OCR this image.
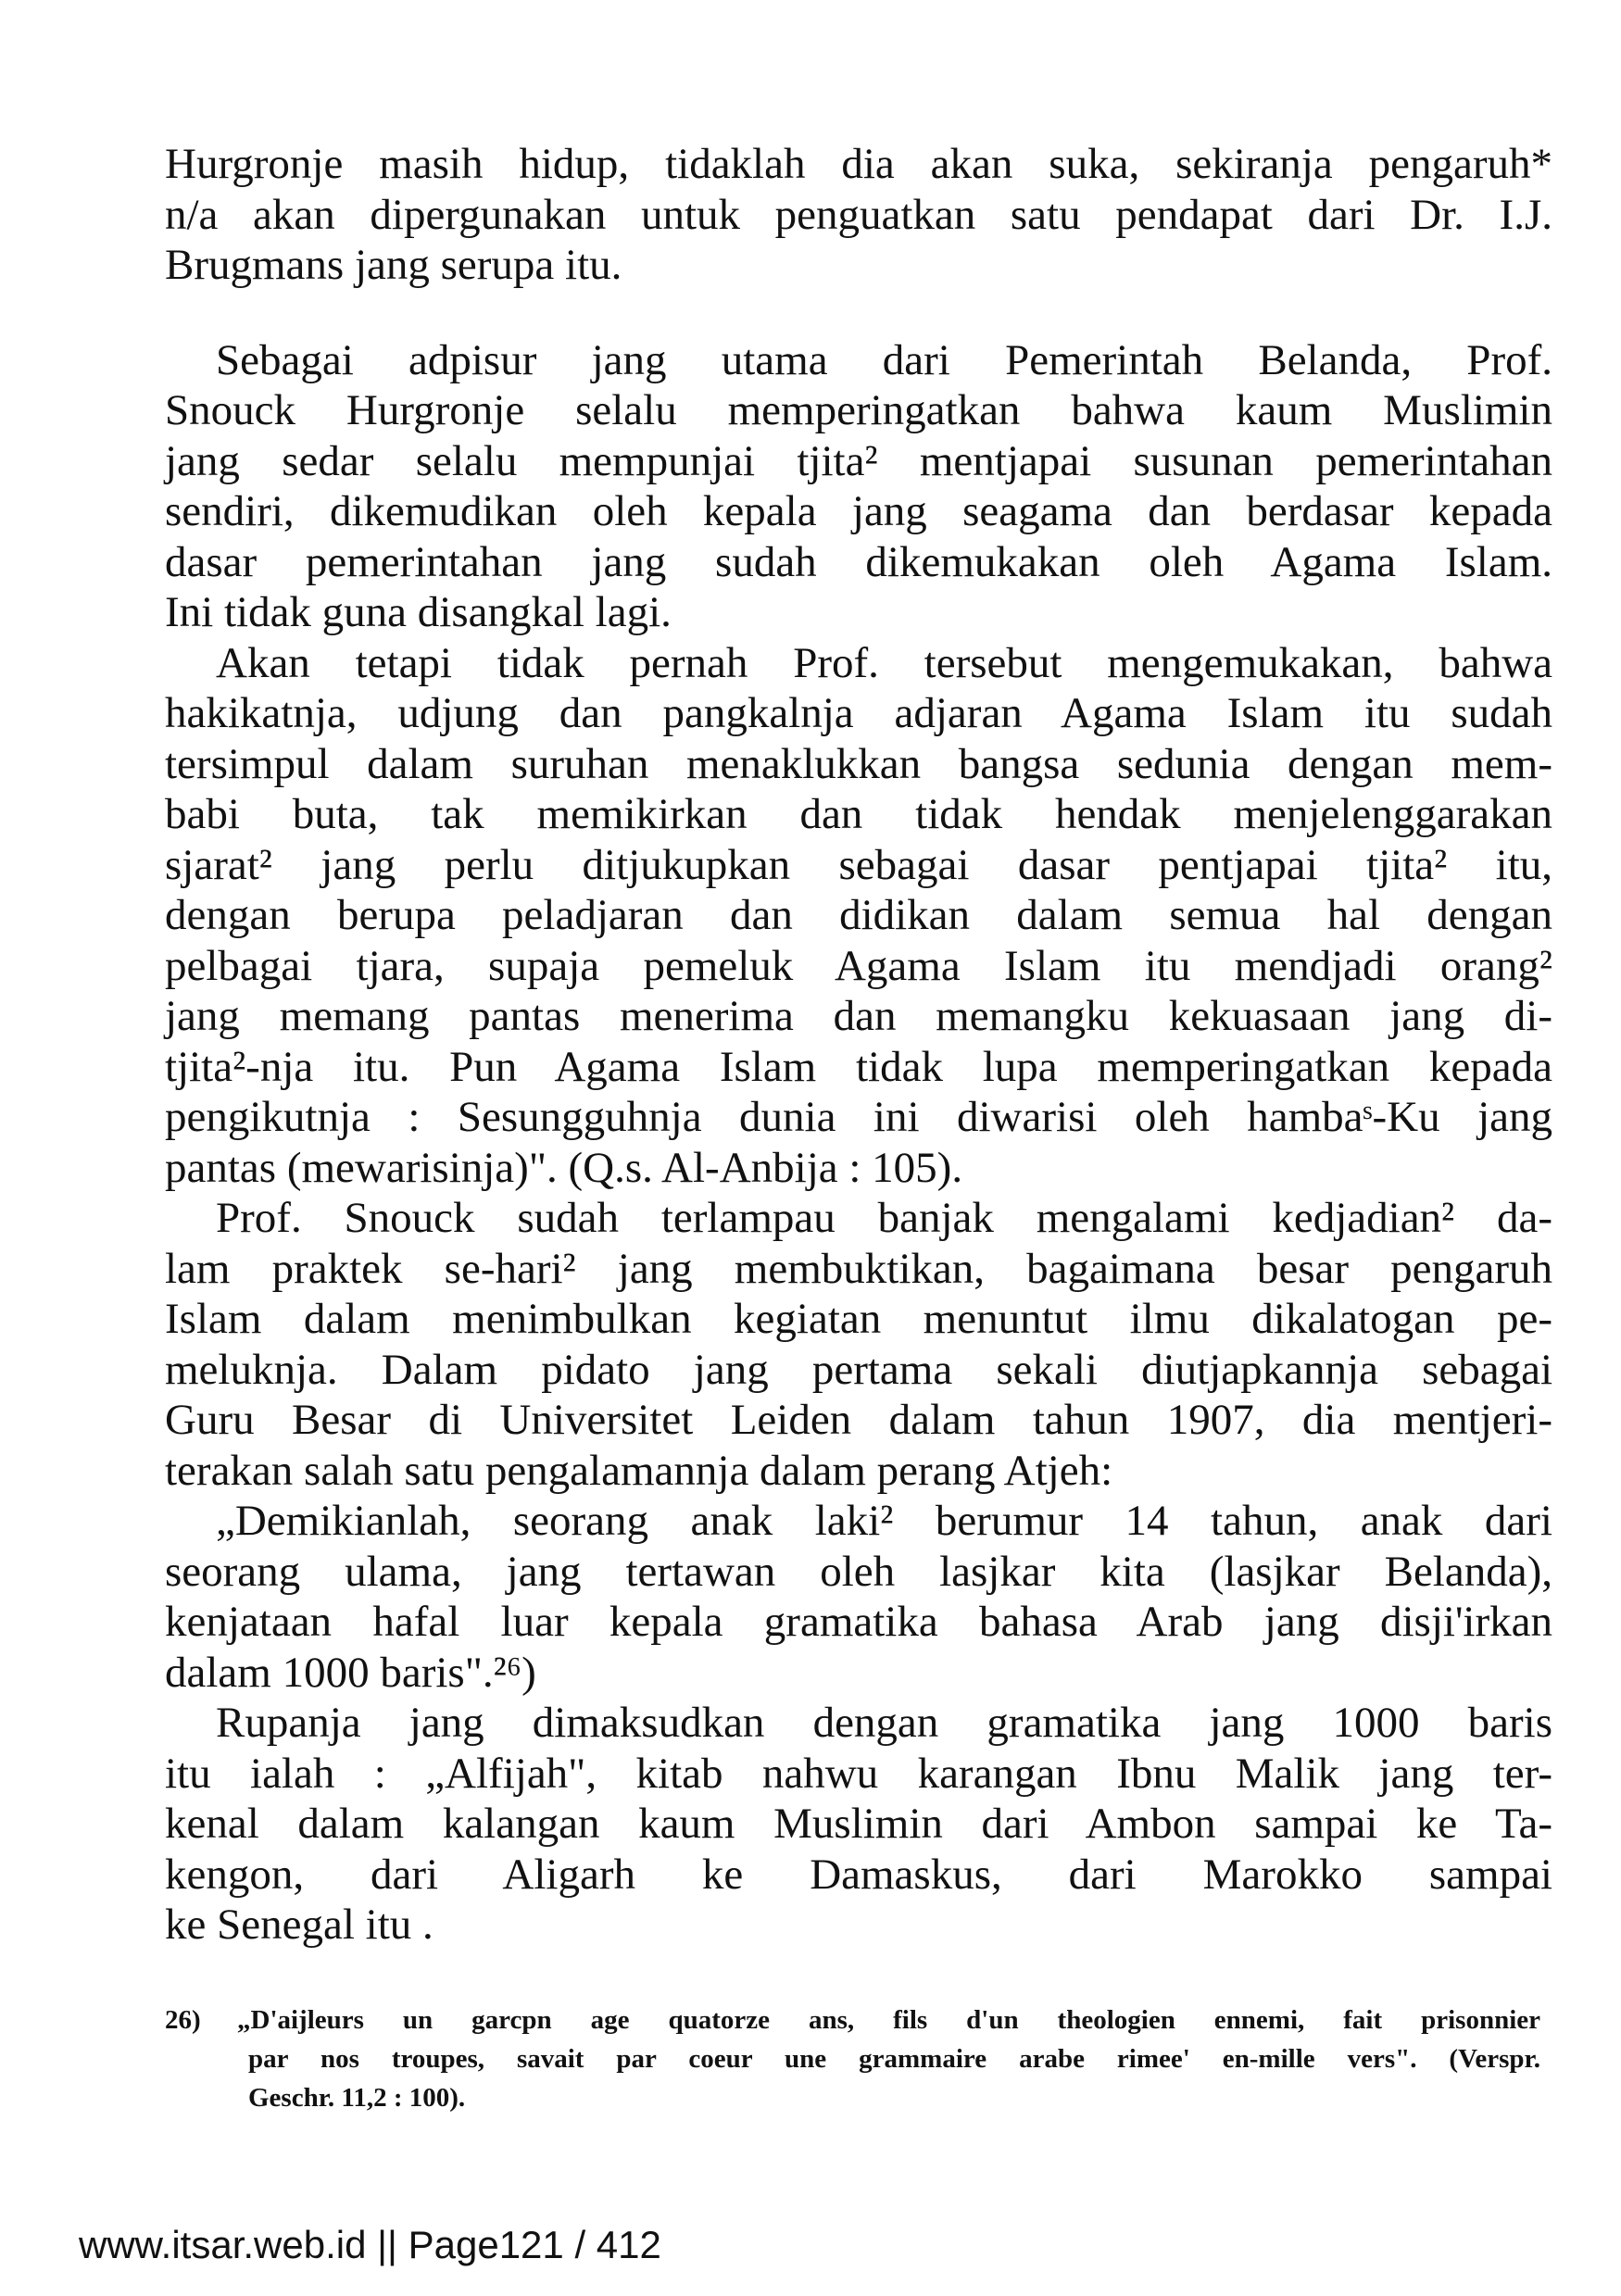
Hurgronje masih hidup, tidaklah dia akan suka, sekiranja pengaruh*
n/a akan dipergunakan untuk penguatkan satu pendapat dari Dr. I.J.
Brugmans jang serupa itu.

Sebagai adpisur jang utama dari Pemerintah Belanda, Prof.
Snouck Hurgronje selalu memperingatkan bahwa kaum Muslimin
jang sedar selalu mempunjai tjita² mentjapai susunan pemerintahan
sendiri, dikemudikan oleh kepala jang seagama dan berdasar kepada
dasar pemerintahan jang sudah dikemukakan oleh Agama Islam.
Ini tidak guna disangkal lagi.

Akan tetapi tidak pernah Prof. tersebut mengemukakan, bahwa
hakikatnja, udjung dan pangkalnja adjaran Agama Islam itu sudah
tersimpul dalam suruhan menaklukkan bangsa sedunia dengan mem-
babi buta, tak memikirkan dan tidak hendak menjelenggarakan
sjarat² jang perlu ditjukupkan sebagai dasar pentjapai tjita² itu,
dengan berupa peladjaran dan didikan dalam semua hal dengan
pelbagai tjara, supaja pemeluk Agama Islam itu mendjadi orang²
jang memang pantas menerima dan memangku kekuasaan jang di-
tjita²-nja itu. Pun Agama Islam tidak lupa memperingatkan kepada
pengikutnja : Sesungguhnja dunia ini diwarisi oleh hambaˢ-Ku jang
pantas (mewarisinja)". (Q.s. Al-Anbija : 105).

Prof. Snouck sudah terlampau banjak mengalami kedjadian² da-
lam praktek se-hari² jang membuktikan, bagaimana besar pengaruh
Islam dalam menimbulkan kegiatan menuntut ilmu dikalatogan pe-
meluknja. Dalam pidato jang pertama sekali diutjapkannja sebagai
Guru Besar di Universitet Leiden dalam tahun 1907, dia mentjeri-
terakan salah satu pengalamannja dalam perang Atjeh:

„Demikianlah, seorang anak laki² berumur 14 tahun, anak dari
seorang ulama, jang tertawan oleh lasjkar kita (lasjkar Belanda),
kenjataan hafal luar kepala gramatika bahasa Arab jang disji'irkan
dalam 1000 baris".²⁶)

Rupanja jang dimaksudkan dengan gramatika jang 1000 baris
itu ialah : „Alfijah", kitab nahwu karangan Ibnu Malik jang ter-
kenal dalam kalangan kaum Muslimin dari Ambon sampai ke Ta-
kengon, dari Aligarh ke Damaskus, dari Marokko sampai
ke Senegal itu .

26) „D'aijleurs un garcpn age quatorze ans, fils d'un theologien ennemi, fait prisonnier
par nos troupes, savait par coeur une grammaire arabe rimee' en-mille vers". (Verspr.
Geschr. 11,2 : 100).

www.itsar.web.id || Page121 / 412
